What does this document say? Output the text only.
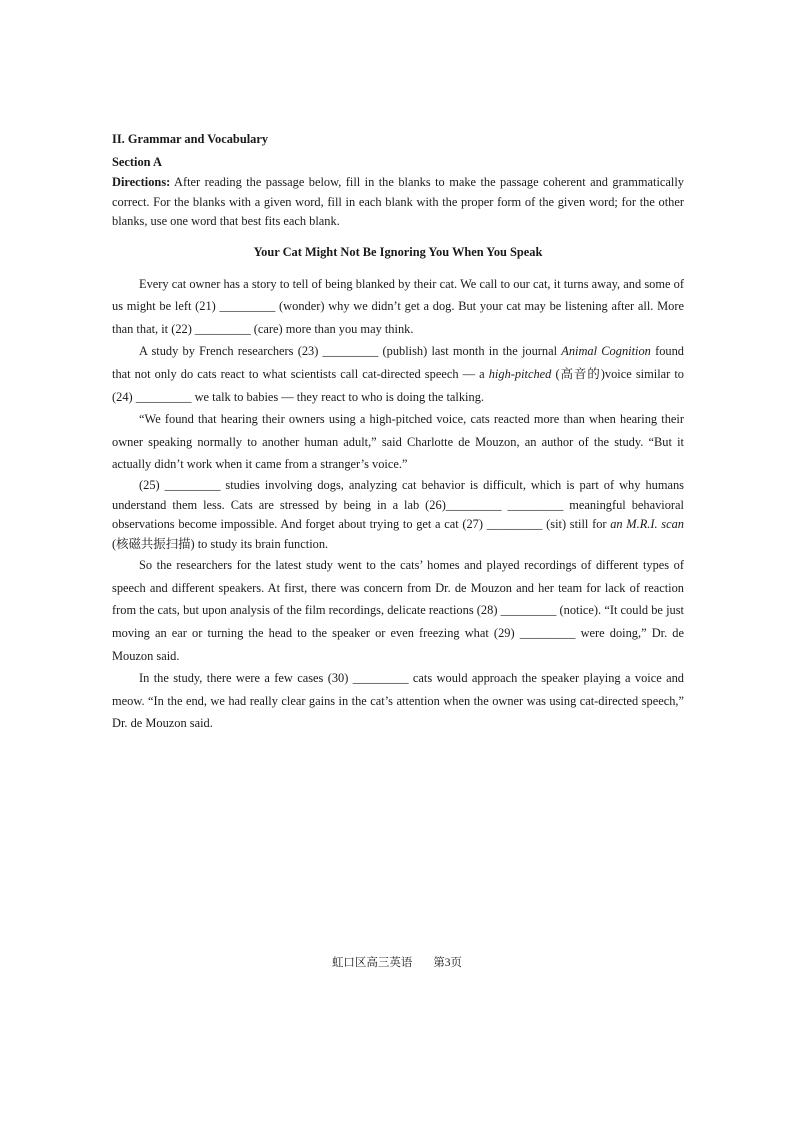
II. Grammar and Vocabulary

Section A

Directions: After reading the passage below, fill in the blanks to make the passage coherent and grammatically correct. For the blanks with a given word, fill in each blank with the proper form of the given word; for the other blanks, use one word that best fits each blank.

Your Cat Might Not Be Ignoring You When You Speak

Every cat owner has a story to tell of being blanked by their cat. We call to our cat, it turns away, and some of us might be left (21) _________ (wonder) why we didn’t get a dog. But your cat may be listening after all. More than that, it (22) _________ (care) more than you may think.

A study by French researchers (23) _________ (publish) last month in the journal Animal Cognition found that not only do cats react to what scientists call cat-directed speech — a high-pitched (高音的)voice similar to (24) _________ we talk to babies — they react to who is doing the talking.

“We found that hearing their owners using a high-pitched voice, cats reacted more than when hearing their owner speaking normally to another human adult,” said Charlotte de Mouzon, an author of the study. “But it actually didn’t work when it came from a stranger’s voice.”

(25) _________ studies involving dogs, analyzing cat behavior is difficult, which is part of why humans understand them less. Cats are stressed by being in a lab (26)_________ _________ meaningful behavioral observations become impossible. And forget about trying to get a cat (27) _________ (sit) still for an M.R.I. scan (核磁共振扫描) to study its brain function.

So the researchers for the latest study went to the cats’ homes and played recordings of different types of speech and different speakers. At first, there was concern from Dr. de Mouzon and her team for lack of reaction from the cats, but upon analysis of the film recordings, delicate reactions (28) _________ (notice). “It could be just moving an ear or turning the head to the speaker or even freezing what (29) _________ were doing,” Dr. de Mouzon said.

In the study, there were a few cases (30) _________ cats would approach the speaker playing a voice and meow. “In the end, we had really clear gains in the cat’s attention when the owner was using cat-directed speech,” Dr. de Mouzon said.

虹口区高三英语 第3页
